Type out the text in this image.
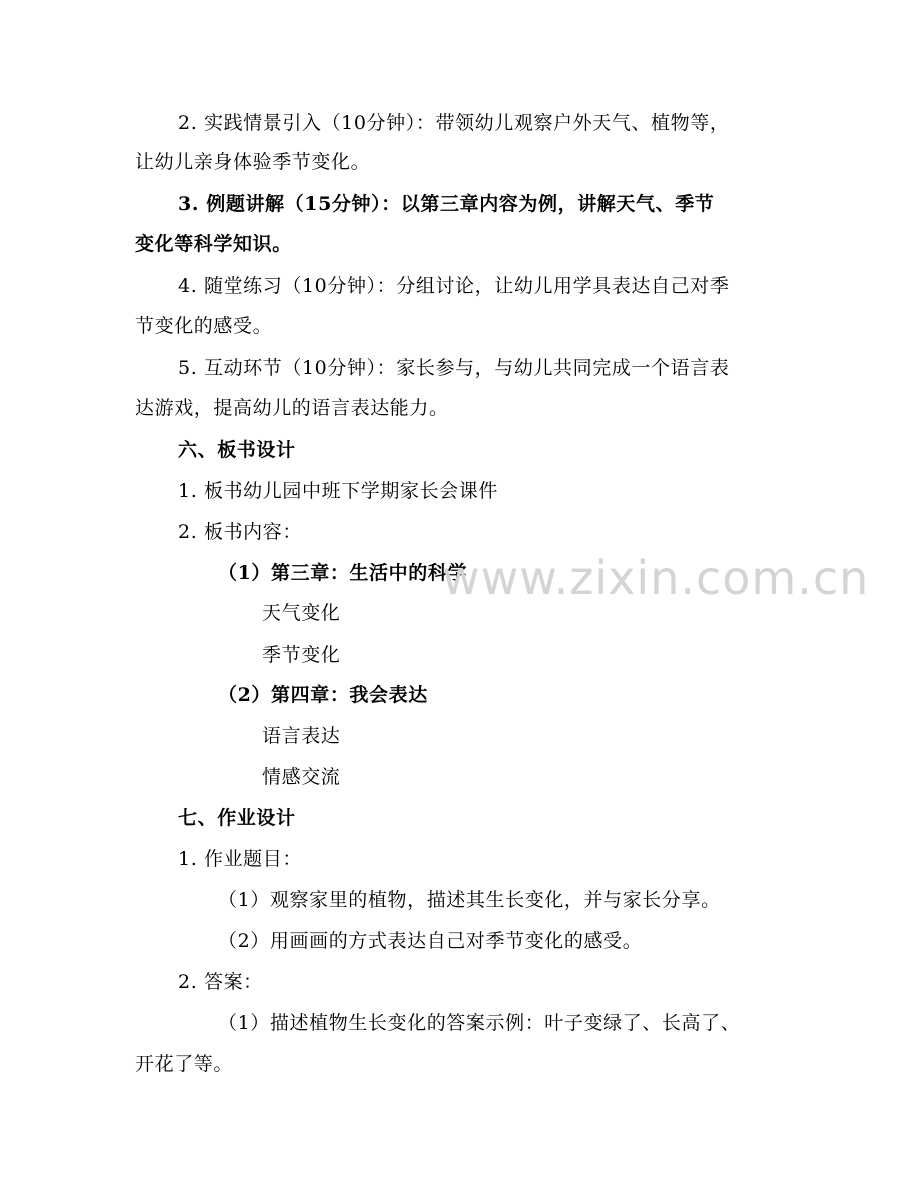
2. 实践情景引入（10分钟）：带领幼儿观察户外天气、植物等，

让幼儿亲身体验季节变化。

3. 例题讲解（15分钟）：以第三章内容为例，讲解天气、季节

变化等科学知识。

4. 随堂练习（10分钟）：分组讨论，让幼儿用学具表达自己对季

节变化的感受。

5. 互动环节（10分钟）：家长参与，与幼儿共同完成一个语言表

达游戏，提高幼儿的语言表达能力。

六、板书设计

1. 板书幼儿园中班下学期家长会课件

2. 板书内容：

（1）第三章：生活中的科学

天气变化

季节变化

（2）第四章：我会表达

语言表达

情感交流

七、作业设计

1. 作业题目：

（1）观察家里的植物，描述其生长变化，并与家长分享。

（2）用画画的方式表达自己对季节变化的感受。

2. 答案：

（1）描述植物生长变化的答案示例：叶子变绿了、长高了、

开花了等。

www.zixin.com.cn
